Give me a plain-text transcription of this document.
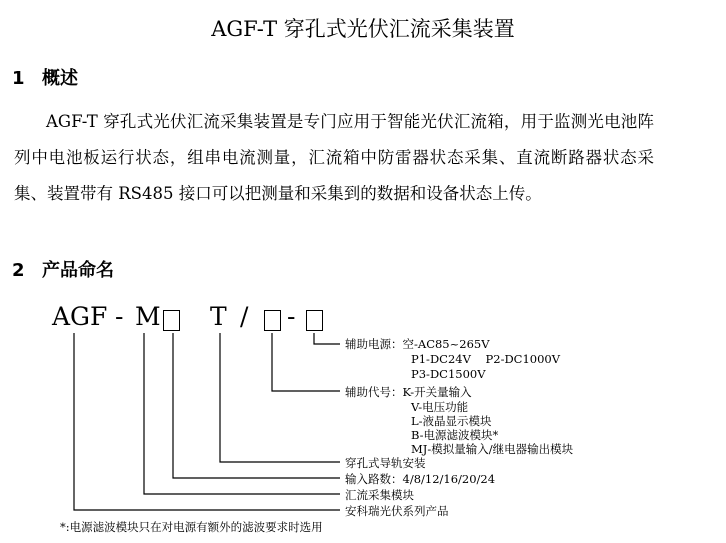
AGF-T 穿孔式光伏汇流采集装置
1 概述
AGF-T 穿孔式光伏汇流采集装置是专门应用于智能光伏汇流箱，用于监测光电池阵列中电池板运行状态，组串电流测量，汇流箱中防雷器状态采集、直流断路器状态采集、装置带有 RS485 接口可以把测量和采集到的数据和设备状态上传。
2 产品命名
AGF - M T / -
辅助电源：空-AC85~265V
P1-DC24V    P2-DC1000V
P3-DC1500V
辅助代号：K-开关量输入
V-电压功能
L-液晶显示模块
B-电源滤波模块*
MJ-模拟量输入/继电器输出模块
穿孔式导轨安装
输入路数：4/8/12/16/20/24
汇流采集模块
安科瑞光伏系列产品
*:电源滤波模块只在对电源有额外的滤波要求时选用
